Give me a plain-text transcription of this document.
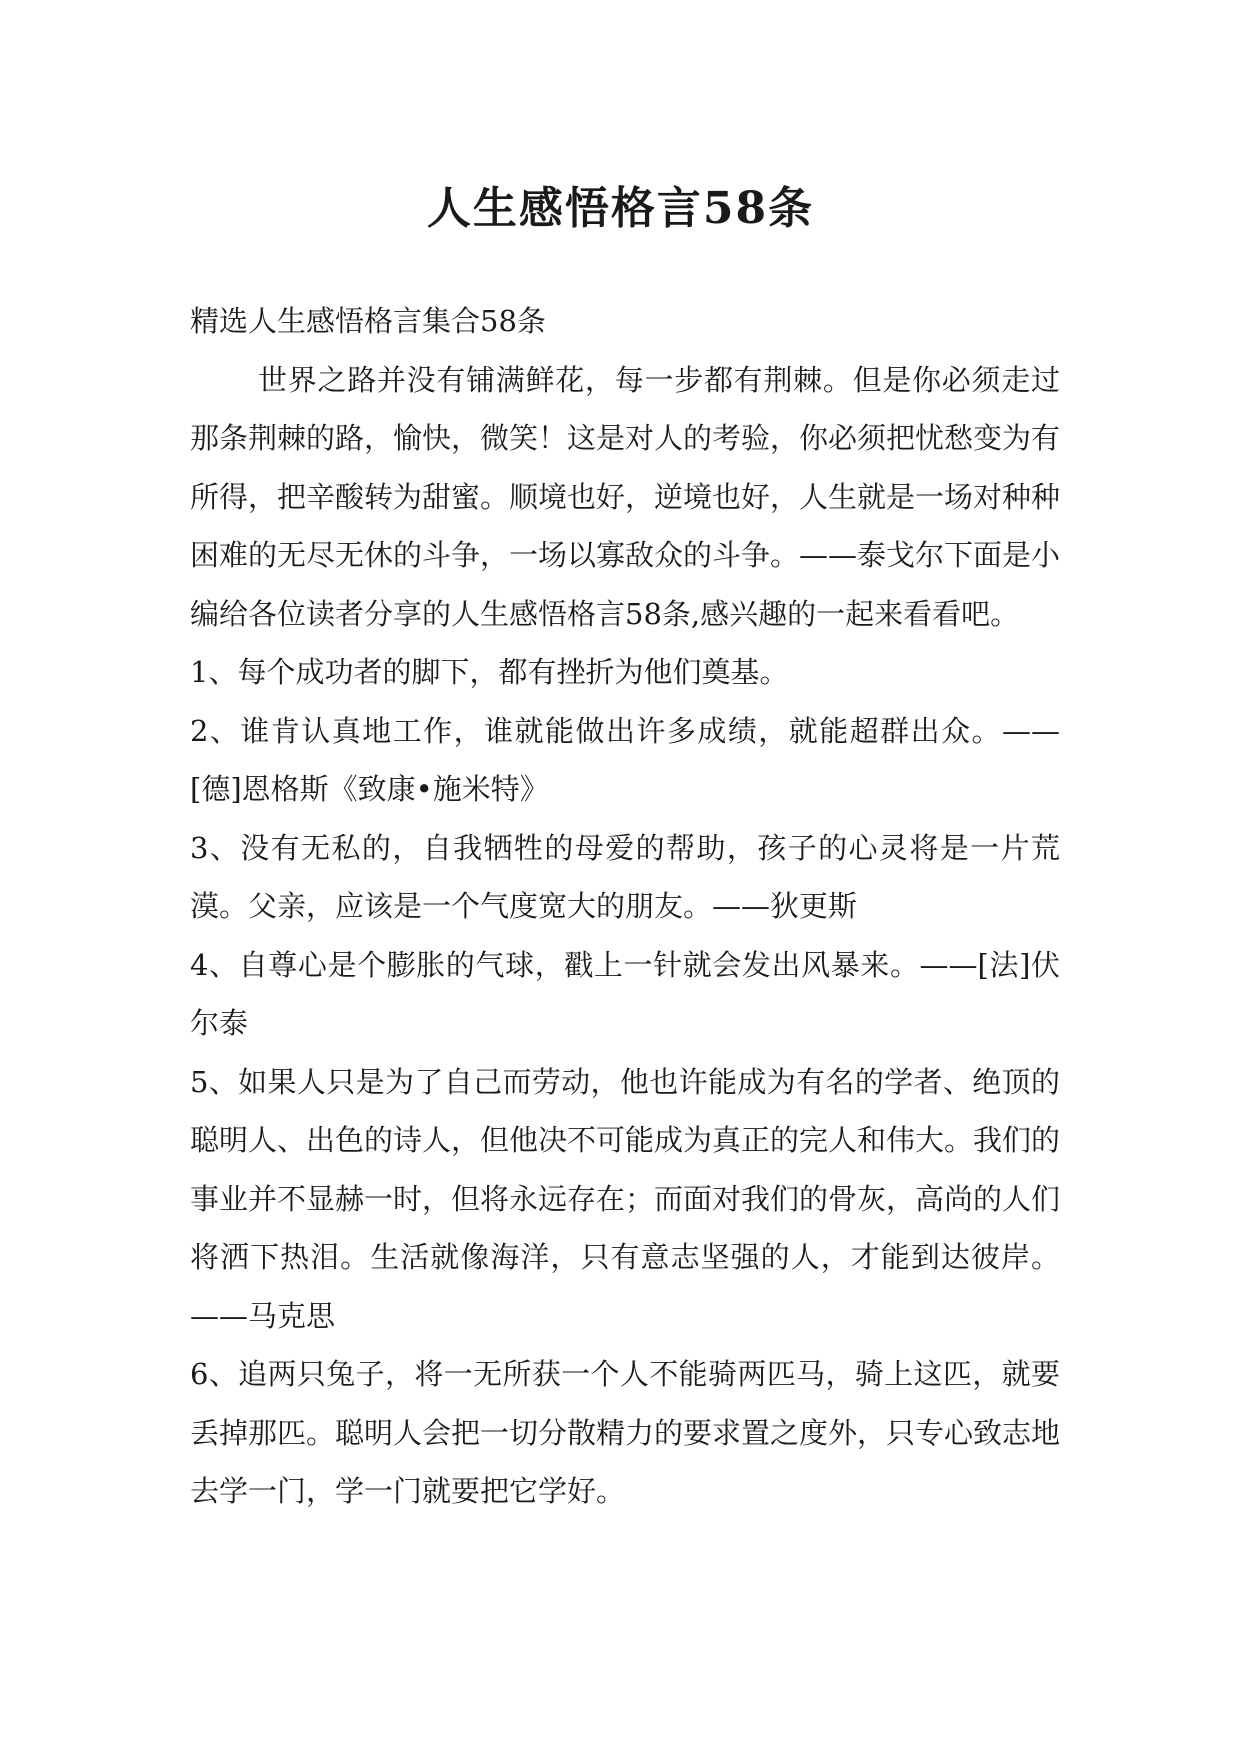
人生感悟格言58条

精选人生感悟格言集合58条

世界之路并没有铺满鲜花，每一步都有荆棘。但是你必须走过那条荆棘的路，愉快，微笑！这是对人的考验，你必须把忧愁变为有所得，把辛酸转为甜蜜。顺境也好，逆境也好，人生就是一场对种种困难的无尽无休的斗争，一场以寡敌众的斗争。——泰戈尔下面是小编给各位读者分享的人生感悟格言58条,感兴趣的一起来看看吧。

1、每个成功者的脚下，都有挫折为他们奠基。

2、谁肯认真地工作，谁就能做出许多成绩，就能超群出众。——[德]恩格斯《致康•施米特》

3、没有无私的，自我牺牲的母爱的帮助，孩子的心灵将是一片荒漠。父亲，应该是一个气度宽大的朋友。——狄更斯

4、自尊心是个膨胀的气球，戳上一针就会发出风暴来。——[法]伏尔泰

5、如果人只是为了自己而劳动，他也许能成为有名的学者、绝顶的聪明人、出色的诗人，但他决不可能成为真正的完人和伟大。我们的事业并不显赫一时，但将永远存在；而面对我们的骨灰，高尚的人们将洒下热泪。生活就像海洋，只有意志坚强的人，才能到达彼岸。——马克思

6、追两只兔子，将一无所获一个人不能骑两匹马，骑上这匹，就要丢掉那匹。聪明人会把一切分散精力的要求置之度外，只专心致志地去学一门，学一门就要把它学好。
